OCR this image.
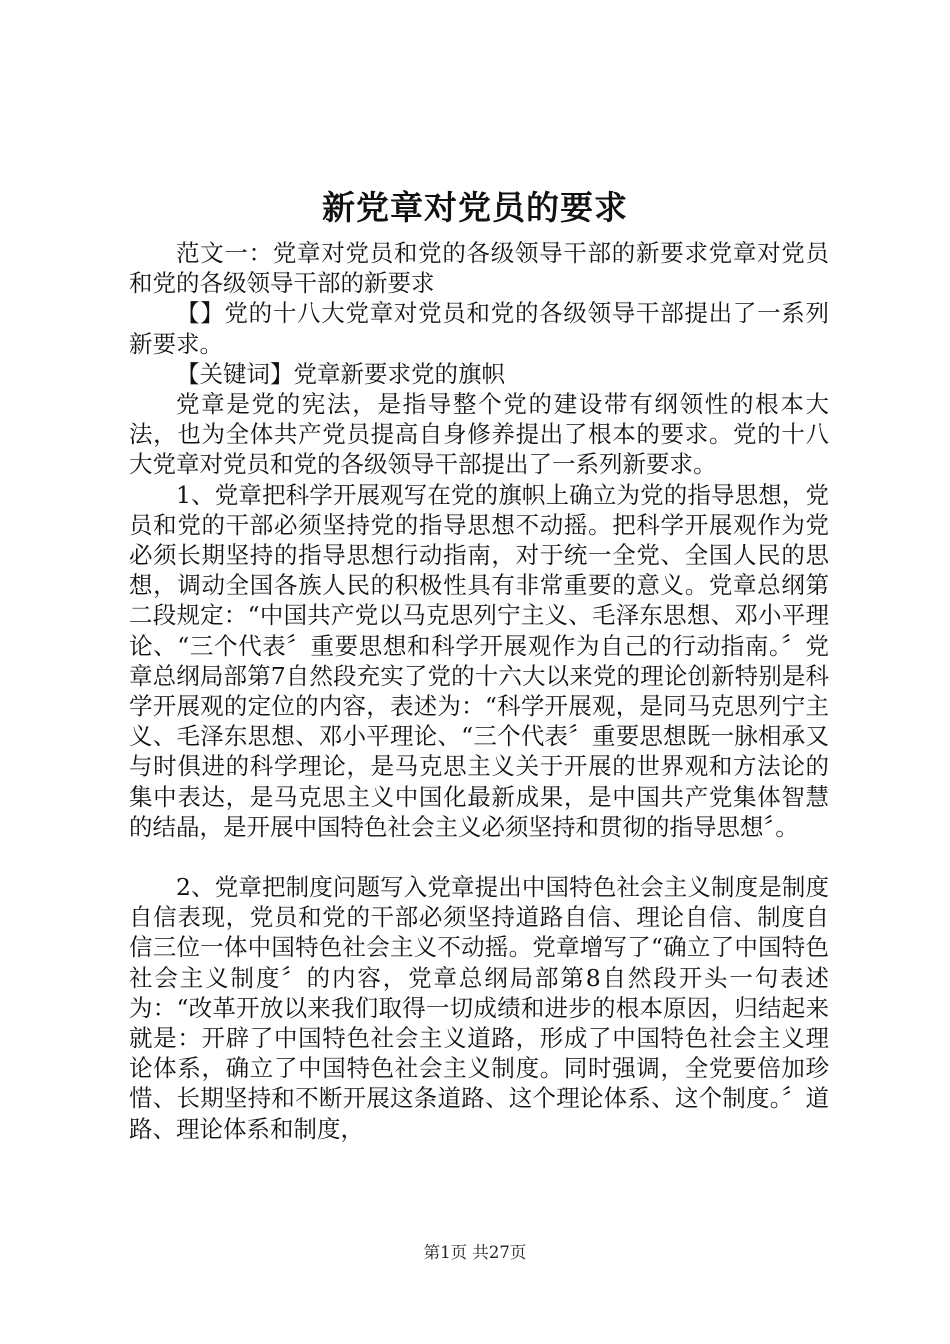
新党章对党员的要求

范文一：党章对党员和党的各级领导干部的新要求党章对党员和党的各级领导干部的新要求

【】党的十八大党章对党员和党的各级领导干部提出了一系列新要求。

【关键词】党章新要求党的旗帜

党章是党的宪法，是指导整个党的建设带有纲领性的根本大法，也为全体共产党员提高自身修养提出了根本的要求。党的十八大党章对党员和党的各级领导干部提出了一系列新要求。

1、党章把科学开展观写在党的旗帜上确立为党的指导思想，党员和党的干部必须坚持党的指导思想不动摇。把科学开展观作为党必须长期坚持的指导思想行动指南，对于统一全党、全国人民的思想，调动全国各族人民的积极性具有非常重要的意义。党章总纲第二段规定：“中国共产党以马克思列宁主义、毛泽东思想、邓小平理论、“三个代表〞重要思想和科学开展观作为自己的行动指南。〞党章总纲局部第7自然段充实了党的十六大以来党的理论创新特别是科学开展观的定位的内容，表述为：“科学开展观，是同马克思列宁主义、毛泽东思想、邓小平理论、“三个代表〞重要思想既一脉相承又与时俱进的科学理论，是马克思主义关于开展的世界观和方法论的集中表达，是马克思主义中国化最新成果，是中国共产党集体智慧的结晶，是开展中国特色社会主义必须坚持和贯彻的指导思想〞。

2、党章把制度问题写入党章提出中国特色社会主义制度是制度自信表现，党员和党的干部必须坚持道路自信、理论自信、制度自信三位一体中国特色社会主义不动摇。党章增写了“确立了中国特色社会主义制度〞的内容，党章总纲局部第8自然段开头一句表述为：“改革开放以来我们取得一切成绩和进步的根本原因，归结起来就是：开辟了中国特色社会主义道路，形成了中国特色社会主义理论体系，确立了中国特色社会主义制度。同时强调，全党要倍加珍惜、长期坚持和不断开展这条道路、这个理论体系、这个制度。〞道路、理论体系和制度，

第1页 共27页
